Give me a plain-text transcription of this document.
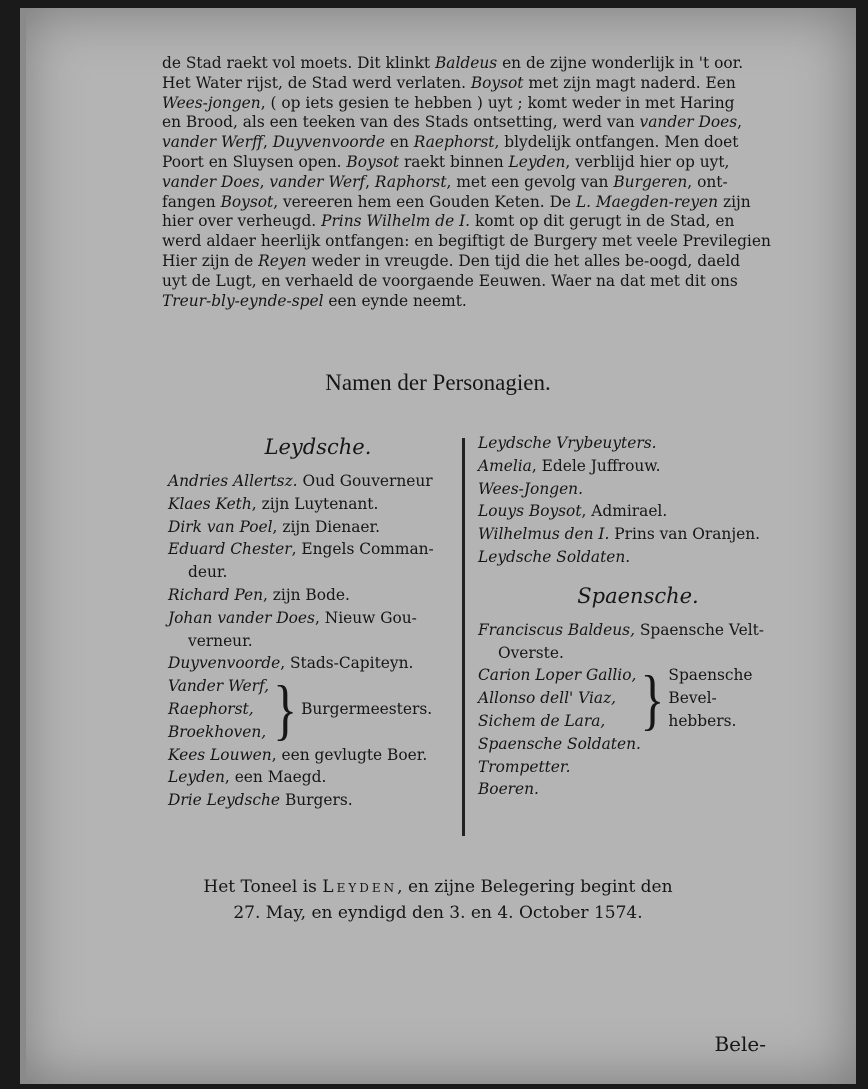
de Stad raekt vol moets. Dit klinkt Baldeus en de zijne wonderlijk in 't oor.

Het Water rijst, de Stad werd verlaten. Boysot met zijn magt naderd. Een

Wees-jongen, ( op iets gesien te hebben ) uyt ; komt weder in met Haring

en Brood, als een teeken van des Stads ontsetting, werd van vander Does,

vander Werff, Duyvenvoorde en Raephorst, blydelijk ontfangen. Men doet

Poort en Sluysen open. Boysot raekt binnen Leyden, verblijd hier op uyt,

vander Does, vander Werf, Raphorst, met een gevolg van Burgeren, ont-

fangen Boysot, vereeren hem een Gouden Keten. De L. Maegden-reyen zijn

hier over verheugd. Prins Wilhelm de I. komt op dit gerugt in de Stad, en

werd aldaer heerlijk ontfangen: en begiftigt de Burgery met veele Previlegien

Hier zijn de Reyen weder in vreugde. Den tijd die het alles be-oogd, daeld

uyt de Lugt, en verhaeld de voorgaende Eeuwen. Waer na dat met dit ons

Treur-bly-eynde-spel een eynde neemt.

Namen der Personagien.
Leydsche.
Andries Allertsz. Oud Gouverneur
Klaes Keth, zijn Luytenant.
Dirk van Poel, zijn Dienaer.
Eduard Chester, Engels Comman-
deur.
Richard Pen, zijn Bode.
Johan vander Does, Nieuw Gou-
verneur.
Duyvenvoorde, Stads-Capiteyn.
Vander Werf,
Raephorst,
Broekhoven, } Burgermeesters.
Kees Louwen, een gevlugte Boer.
Leyden, een Maegd.
Drie Leydsche Burgers.
Leydsche Vrybeuyters.
Amelia, Edele Juffrouw.
Wees-Jongen.
Louys Boysot, Admirael.
Wilhelmus den I. Prins van Oranjen.
Leydsche Soldaten.
Spaensche.
Franciscus Baldeus, Spaensche Velt-
Overste.
Carion Loper Gallio,
Allonso dell' Viaz,
Sichem de Lara, } Spaensche
Bevel-
hebbers.
Spaensche Soldaten.
Trompetter.
Boeren.
Het Toneel is Leyden, en zijne Belegering begint den
27. May, en eyndigd den 3. en 4. October 1574.
Bele-
